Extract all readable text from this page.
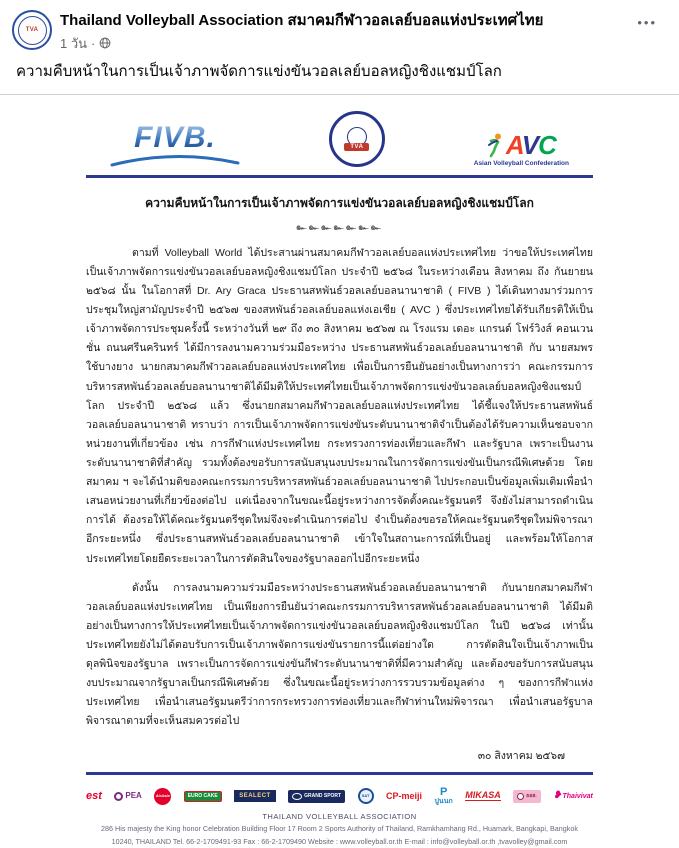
TVA
Thailand Volleyball Association สมาคมกีฬาวอลเลย์บอลแห่งประเทศไทย
1 วัน ·
•••
ความคืบหน้าในการเป็นเจ้าภาพจัดการแข่งขันวอลเลย์บอลหญิงชิงแชมป์โลก
FIVB.	TVA	AVC
Asian Volleyball Confederation
ความคืบหน้าในการเป็นเจ้าภาพจัดการแข่งขันวอลเลย์บอลหญิงชิงแชมป์โลก
๛๛๛๛๛๛๛
ตามที่ Volleyball World ได้ประสานผ่านสมาคมกีฬาวอลเลย์บอลแห่งประเทศไทย ว่าขอให้ประเทศไทยเป็นเจ้าภาพจัดการแข่งขันวอลเลย์บอลหญิงชิงแชมป์โลก ประจำปี ๒๕๖๘ ในระหว่างเดือน สิงหาคม ถึง กันยายน ๒๕๖๘ นั้น ในโอกาสที่ Dr. Ary Graca ประธานสหพันธ์วอลเลย์บอลนานาชาติ ( FIVB ) ได้เดินทางมาร่วมการประชุมใหญ่สามัญประจำปี ๒๕๖๗ ของสหพันธ์วอลเลย์บอลแห่งเอเชีย ( AVC ) ซึ่งประเทศไทยได้รับเกียรติให้เป็นเจ้าภาพจัดการประชุมครั้งนี้ ระหว่างวันที่ ๒๙ ถึง ๓๐ สิงหาคม ๒๕๖๗ ณ โรงแรม เดอะ แกรนด์ โฟร์วิงส์ คอนเวนชั่น ถนนศรีนครินทร์ ได้มีการลงนามความร่วมมือระหว่าง ประธานสหพันธ์วอลเลย์บอลนานาชาติ กับ นายสมพร ใช้บางยาง นายกสมาคมกีฬาวอลเลย์บอลแห่งประเทศไทย เพื่อเป็นการยืนยันอย่างเป็นทางการว่า คณะกรรมการบริหารสหพันธ์วอลเลย์บอลนานาชาติได้มีมติให้ประเทศไทยเป็นเจ้าภาพจัดการแข่งขันวอลเลย์บอลหญิงชิงแชมป์โลก ประจำปี ๒๕๖๘ แล้ว ซึ่งนายกสมาคมกีฬาวอลเลย์บอลแห่งประเทศไทย ได้ชี้แจงให้ประธานสหพันธ์วอลเลย์บอลนานาชาติ ทราบว่า การเป็นเจ้าภาพจัดการแข่งขันระดับนานาชาติจำเป็นต้องได้รับความเห็นชอบจากหน่วยงานที่เกี่ยวข้อง เช่น การกีฬาแห่งประเทศไทย กระทรวงการท่องเที่ยวและกีฬา และรัฐบาล เพราะเป็นงานระดับนานาชาติที่สำคัญ รวมทั้งต้องขอรับการสนับสนุนงบประมาณในการจัดการแข่งขันเป็นกรณีพิเศษด้วย โดยสมาคม ฯ จะได้นำมติของคณะกรรมการบริหารสหพันธ์วอลเลย์บอลนานาชาติ ไปประกอบเป็นข้อมูลเพิ่มเติมเพื่อนำเสนอหน่วยงานที่เกี่ยวข้องต่อไป แต่เนื่องจากในขณะนี้อยู่ระหว่างการจัดตั้งคณะรัฐมนตรี จึงยังไม่สามารถดำเนินการได้ ต้องรอให้ได้คณะรัฐมนตรีชุดใหม่จึงจะดำเนินการต่อไป จำเป็นต้องขอรอให้คณะรัฐมนตรีชุดใหม่พิจารณาอีกระยะหนึ่ง ซึ่งประธานสหพันธ์วอลเลย์บอลนานาชาติ เข้าใจในสถานะการณ์ที่เป็นอยู่ และพร้อมให้โอกาสประเทศไทยโดยยืดระยะเวลาในการตัดสินใจของรัฐบาลออกไปอีกระยะหนึ่ง
ดังนั้น การลงนามความร่วมมือระหว่างประธานสหพันธ์วอลเลย์บอลนานาชาติ กับนายกสมาคมกีฬาวอลเลย์บอลแห่งประเทศไทย เป็นเพียงการยืนยันว่าคณะกรรมการบริหารสหพันธ์วอลเลย์บอลนานาชาติ ได้มีมติอย่างเป็นทางการให้ประเทศไทยเป็นเจ้าภาพจัดการแข่งขันวอลเลย์บอลหญิงชิงแชมป์โลก ในปี ๒๕๖๘ เท่านั้น ประเทศไทยยังไม่ได้ตอบรับการเป็นเจ้าภาพจัดการแข่งขันรายการนี้แต่อย่างใด การตัดสินใจเป็นเจ้าภาพเป็นดุลพินิจของรัฐบาล เพราะเป็นการจัดการแข่งขันกีฬาระดับนานาชาติที่มีความสำคัญ และต้องขอรับการสนับสนุนงบประมาณจากรัฐบาลเป็นกรณีพิเศษด้วย ซึ่งในขณะนี้อยู่ระหว่างการรวบรวมข้อมูลต่าง ๆ ของการกีฬาแห่งประเทศไทย เพื่อนำเสนอรัฐมนตรีว่าการกระทรวงการท่องเที่ยวและกีฬาท่านใหม่พิจารณา เพื่อนำเสนอรัฐบาลพิจารณาตามที่จะเห็นสมควรต่อไป
๓๐ สิงหาคม ๒๕๖๗
est	PEA	AirAsia	EURO CAKE	SEALECT	GRAND SPORT	SAT	CP-meiji	P
ปูนนก
MIKASA	ธอส. ❥ Thaivivat
THAILAND VOLLEYBALL ASSOCIATION
286 His majesty the King honor Celebration Building Floor 17 Room 2 Sports Authority of Thailand, Ramkhamhang Rd., Huamark, Bangkapi, Bangkok
10240, THAILAND Tel. 66-2-1709491-93 Fax : 66-2-1709490 Website : www.volleyball.or.th E-mail : info@volleyball.or.th ,tvavolley@gmail.com
